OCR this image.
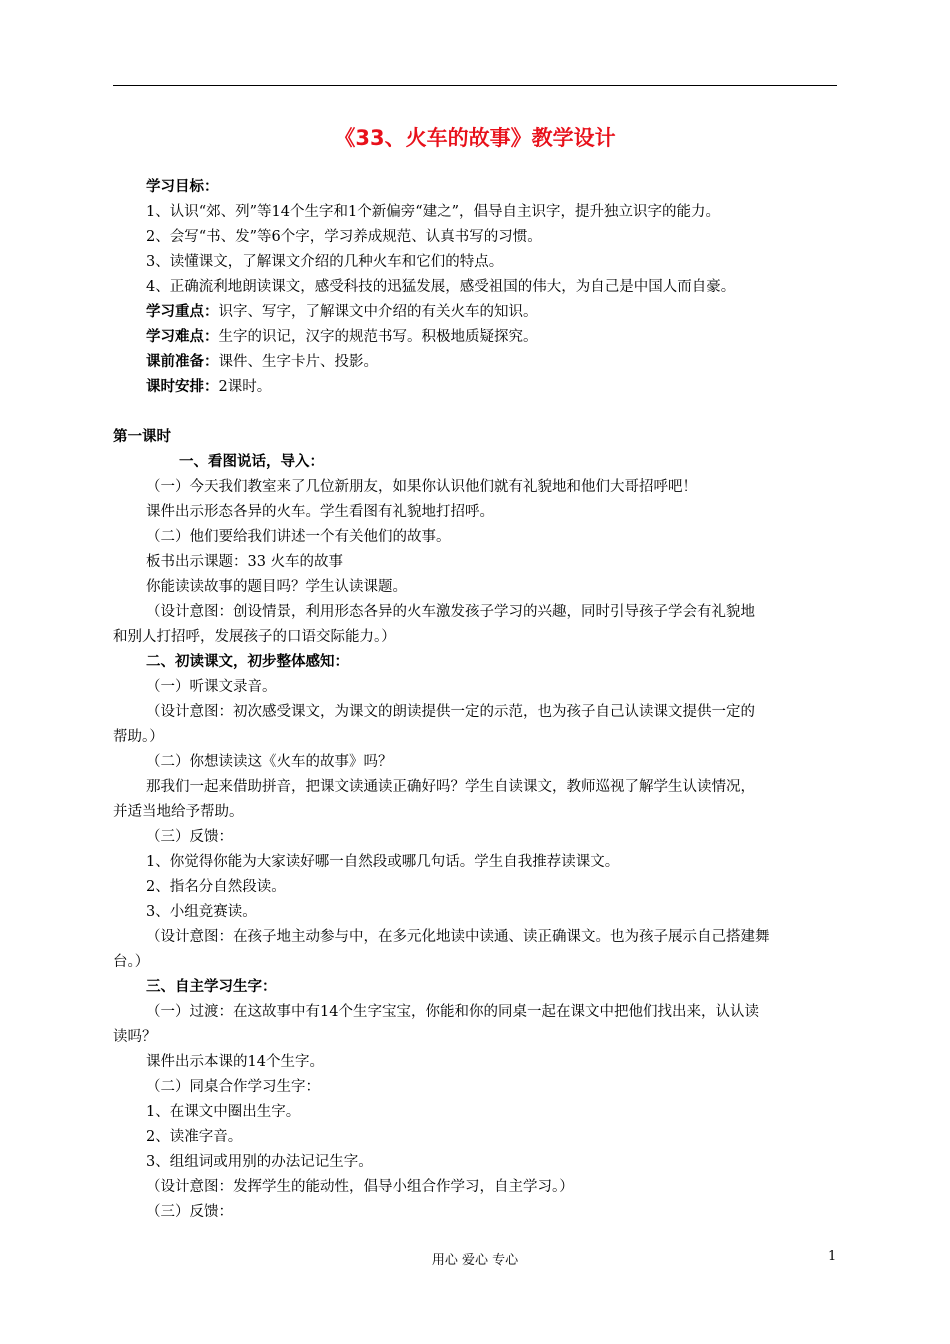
《33、火车的故事》教学设计
学习目标：
1、认识“郊、列”等14个生字和1个新偏旁“建之”，倡导自主识字，提升独立识字的能力。
2、会写“书、发”等6个字，学习养成规范、认真书写的习惯。
3、读懂课文，了解课文介绍的几种火车和它们的特点。
4、正确流利地朗读课文，感受科技的迅猛发展，感受祖国的伟大，为自己是中国人而自豪。
学习重点：识字、写字，了解课文中介绍的有关火车的知识。
学习难点：生字的识记，汉字的规范书写。积极地质疑探究。
课前准备：课件、生字卡片、投影。
课时安排：2课时。
第一课时
一、看图说话，导入：
（一）今天我们教室来了几位新朋友，如果你认识他们就有礼貌地和他们大哥招呼吧！
课件出示形态各异的火车。学生看图有礼貌地打招呼。
（二）他们要给我们讲述一个有关他们的故事。
板书出示课题：33 火车的故事
你能读读故事的题目吗？学生认读课题。
（设计意图：创设情景，利用形态各异的火车激发孩子学习的兴趣，同时引导孩子学会有礼貌地
和别人打招呼，发展孩子的口语交际能力。）
二、初读课文，初步整体感知：
（一）听课文录音。
（设计意图：初次感受课文，为课文的朗读提供一定的示范，也为孩子自己认读课文提供一定的
帮助。）
（二）你想读读这《火车的故事》吗？
那我们一起来借助拼音，把课文读通读正确好吗？学生自读课文，教师巡视了解学生认读情况，
并适当地给予帮助。
（三）反馈：
1、你觉得你能为大家读好哪一自然段或哪几句话。学生自我推荐读课文。
2、指名分自然段读。
3、小组竞赛读。
（设计意图：在孩子地主动参与中，在多元化地读中读通、读正确课文。也为孩子展示自己搭建舞
台。）
三、自主学习生字：
（一）过渡：在这故事中有14个生字宝宝，你能和你的同桌一起在课文中把他们找出来，认认读
读吗？
课件出示本课的14个生字。
（二）同桌合作学习生字：
1、在课文中圈出生字。
2、读准字音。
3、组组词或用别的办法记记生字。
（设计意图：发挥学生的能动性，倡导小组合作学习，自主学习。）
（三）反馈：
用心 爱心 专心	1
